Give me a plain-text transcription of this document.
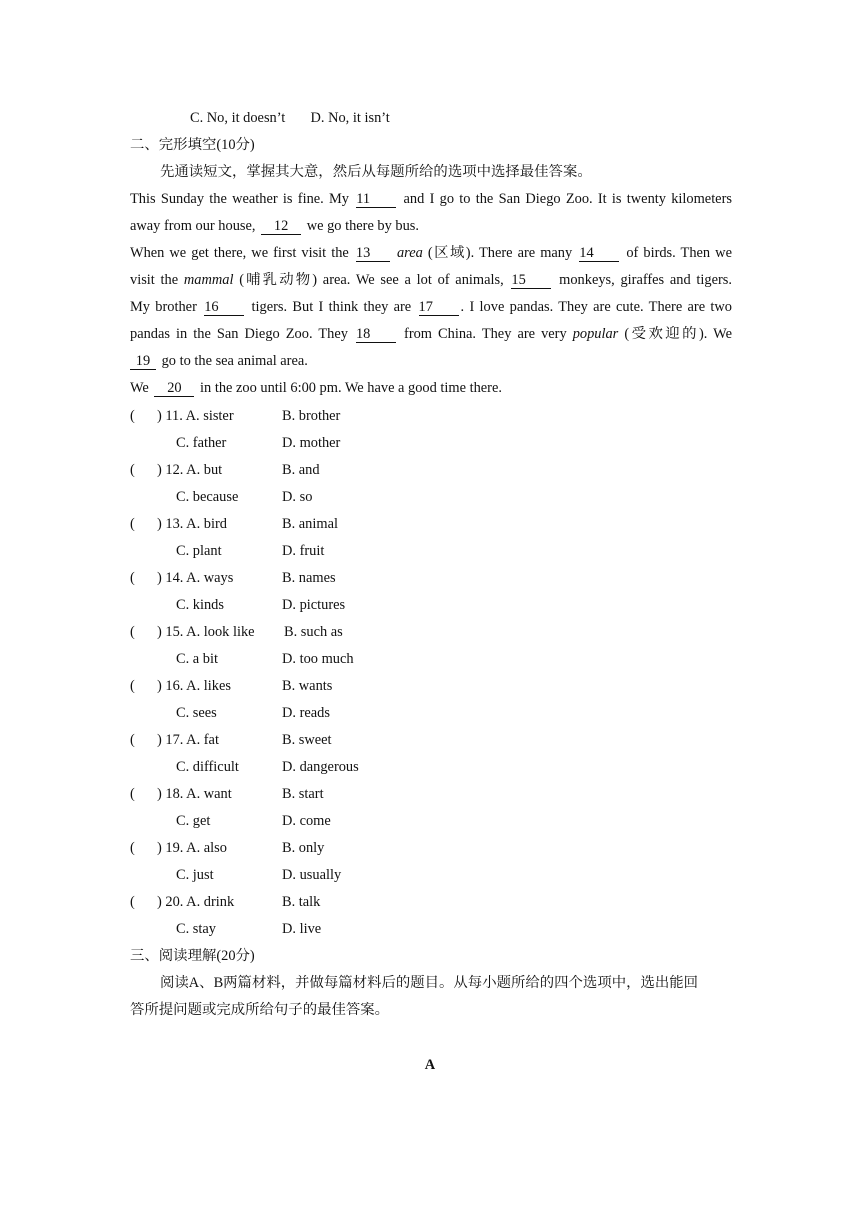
C. No, it doesn’t D. No, it isn’t
二、完形填空(10分)
先通读短文，掌握其大意，然后从每题所给的选项中选择最佳答案。
This Sunday the weather is fine. My 11 and I go to the San Diego Zoo. It is twenty kilometers
away from our house, 12 we go there by bus.
When we get there, we first visit the 13 area (区域). There are many 14 of birds. Then we
visit the mammal (哺乳动物) area. We see a lot of animals, 15 monkeys, giraffes and tigers.
My brother 16 tigers. But I think they are 17 . I love pandas. They are cute. There are two
pandas in the San Diego Zoo. They 18 from China. They are very popular (受欢迎的). We
19 go to the sea animal area.
We 20 in the zoo until 6:00 pm. We have a good time there.
( ) 11. A. sister	B. brother
C. father	D. mother
( ) 12. A. but	B. and
C. because	D. so
( ) 13. A. bird	B. animal
C. plant	D. fruit
( ) 14. A. ways	B. names
C. kinds	D. pictures
( ) 15. A. look like B. such as
C. a bit	D. too much
( ) 16. A. likes	B. wants
C. sees	D. reads
( ) 17. A. fat	B. sweet
C. difficult	D. dangerous
( ) 18. A. want	B. start
C. get	D. come
( ) 19. A. also	B. only
C. just	D. usually
( ) 20. A. drink	B. talk
C. stay	D. live
三、阅读理解(20分)
阅读A、B两篇材料，并做每篇材料后的题目。从每小题所给的四个选项中，选出能回
答所提问题或完成所给句子的最佳答案。
A
